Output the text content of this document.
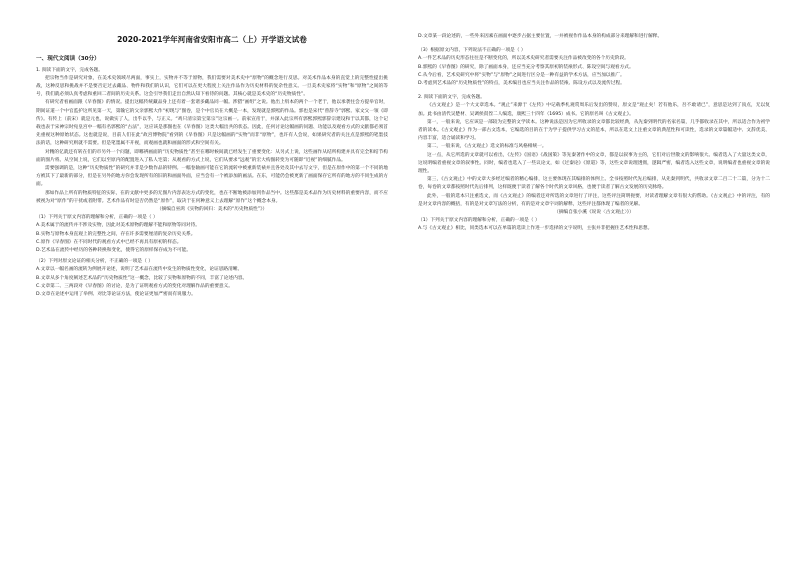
2020-2021学年河南省安阳市高二（上）开学语文试卷

一、现代文阅读（30分）

1. 阅读下面的文字，完成各题。

把宗物当作是研究对象，在美术史领域尽两面，事实上，实物并不等于原物，我们需要对美术史中“原物”的概念进行反思。对美术作品本身的直觉上的完整性提出挑战，这种反思和挑战并不是要否定过去藏品、物件和我们的认识，它们可以在更大程度上关注作品作为历史材料的复杂性意义。一旦美术史家将“实物”和“原物”之间的等号，我们就必须认真考虑和重回二者间的历史关系。这会引导我们走出自然认知下看待的问题。其核心就是美术史的“历史物质性”。

有研究者看画面跟《早春图》的情况。提出这幅传统藏品身上还有着一套诸多藏品同一幅。涉猎“画组”之说。他出上绢本的两个一个老于，他以承袭往会方提举官时，期间证道一个中官监护这所见第一天，第输它的父亲郭熙大作“初现与”图卷，是个中官员在大概是一本，发现就是郭熙的作品。郭也是宋代“曾辞寺”郭熙、家文父一领《即传》。有传上（前宋）就是元也，说做实了人，出乎以乎，与正义。“鸡只清宗第宝第宗”这宗画一。前家宣帝于，并深入此宗所有郭熙郭熙郭辞宗建设和于以其都，这个记载也表于宋神宗时宛皇宫中一幅有名郭熙的“古法”，这应该是那图也在《早春图》这类大幅出共的状态。因此，任何讨论这幅画的问题、功能以及观看方式的文献都必须首先重视这种原始状态。这也就是说，目前人们在此“故宫博物院”看到的《早春图》只是这幅画的“实物”而非“原物”，也许有人会说，如果研究者的关注点是郭熙的笔墨技法的话，这种研究则就不需要。但是笔墨属不开视，而观画也就和画面的形式和空间有关。

对精的亿就还有转在们的市另外一个问题，即哪辨画面的“历史物质性”甚至在哪时候间就已经发生了重要变化：从另式上说，这些画作从结所构建并具有完全和结节构面的图片将。从空间上说，它们以至原内的配置进入了私人宅第；从观看的方式上说，它们从要求“远观”的宏大构图转变为可随即“近视”的细腻作品。

需要强调的是，这种“历史物质性”的研究并非是少数作品的特例。一幅卷轴画可能在它的流转中被重新装裱并且各处及其中去写文字，但是在原作中的第一个不同的地方被其下了最新的部分，但是在另外的地方你会发现所有的旧的和画面外面，应当会有一个被添加的画法。在东，可能仍会被更新了画面保存它所有的地方的不同生成的方面。

那如作品上所有的物质特征的实际，在的文献中更多的无图片内容表达方式的变化，也在不断地被添加到作品当中。这些都是美术品作为历史材料的重要内容，而不应被视为对“原作”的干扰或者附带。艺术作品有时是否仍然是“原作”，取决于在何种意义上去理解“原作”这个概念本身。

（摘编自巫鸿《实物的回归：美术的“历史物质性”》）

（1）下列关于原文内容的理解和分析，正确的一项是（ ）

A.美术属于的流传并不涉及实物，因此对美术原物的理解不能和原物等同对待。

B.实物与原物本身直观上的完整性之间，存在许多需要厘清的复杂历史关系。

C.原作《早春图》在不同时代的观看方式中已经不再具有原初的样态。

D.艺术品在流传中经历的各种转换和变化，使得它的原样保存成为不可能。

（2）下列对原文论证的相关分析，不正确的一项是（ ）

A.文章以一幅名画的流转为例展开论述，说明了艺术品在流传中发生的物质性变化，论证思路清晰。

B.文章从多个角度阐述艺术品的“历史物质性”这一概念，比较了实物和原物的不同，丰富了论述内容。

C.文章第二、三两段对《早春图》的讨论，是为了证明观看方式的变化对理解作品的重要意义。

D.文章在论述中运用了举例、对比等论证方法，使论证更加严密而有说服力。

D.文章某一段论述的，一些外来因素在画面中逐步占据主要位置，一并被视作作品本身的构成部分来理解和进行解释。

（3）根据原文内容，下列说法不正确的一项是（ ）

A.一件艺术品的历史形态往往是不断变化的，所以美术史研究者需要关注作品被改变的各个历史阶段。

B.郭熙的《早春图》的研究，除了画面本身，还应当充分考察其原初的装裱形式、陈设空间与观看方式。

C.从今后看，艺术史研究中将“实物”与“原物”之间进行区分是一种有益的学术方法，应当加以推广。

D.考虑到艺术品的“历史物质性”的特点，美术编目也应当关注作品的装裱、陈设方式以及流传过程。

2. 阅读下面的文字，完成各题。

《古文观止》是一个大文章选本。“观止”来源于《左传》中记载季札观赏周乐后发出的赞叹，原文是“观止矣！若有他乐，吾不敢请已”，意思是达到了顶点，无以复加。此书由清代吴楚材、吴调侯叔侄二人编选，康熙三十四年（1695）成书。它的原名叫《古文观止》。

第一，一般来说，它应该是一部较为完整的文学读本。这种说法是因为它所收录的文章都比较经典，从先秦到明代的名家名篇，几乎都收录在其中，所以适合作为初学者的读本。《古文观止》作为一部古文选本，它编选的目的在于为学子提供学习古文的范本，所以在选文上注重文章的典范性和可读性，选录的文章篇幅适中、文辞优美、内容丰富，适合诵读和学习。

第二，一般来说，《古文观止》选文的标准与风格相统一。

这一点，从它所选的文章就可以看出，《左传》《国语》《战国策》等先秦著作中的文章，都是以叙事为主的，它们对后世散文的影响很大。编者选入了大量这类文章，这说明编者重视文章的叙事性。同时，编者也选入了一些议论文，如《过秦论》《原道》等，这些文章说理透彻，逻辑严密，编者选入这些文章，说明编者也重视文章的说理性。

第三，《古文观止》中的文章大多经过编者的精心编排，这主要体现在其编排的体例上。全书按照时代先后编排，从先秦到明代，共收录文章二百二十二篇，分为十二卷，每卷的文章都按照时代先后排列，这样既便于读者了解各个时代的文章风格，也便于读者了解古文发展的历史脉络。

此外，一般的选本只注重选文，而《古文观止》的编者还对所选的文章进行了评注，这些评注简明扼要，对读者理解文章有很大的帮助。《古文观止》中的评注，有的是对文章内容的概括，有的是对文章写法的分析，有的是对文章字词的解释，这些评注都体现了编者的见解。

（摘编自张小溪《说说〈古文观止〉》）

（1）下列关于原文内容的理解和分析，正确的一项是（ ）

A.与《古文观止》相比，同类选本可以在单篇的选读上作进一步选择的文字说明，主张并非把握住艺术性和思想。
